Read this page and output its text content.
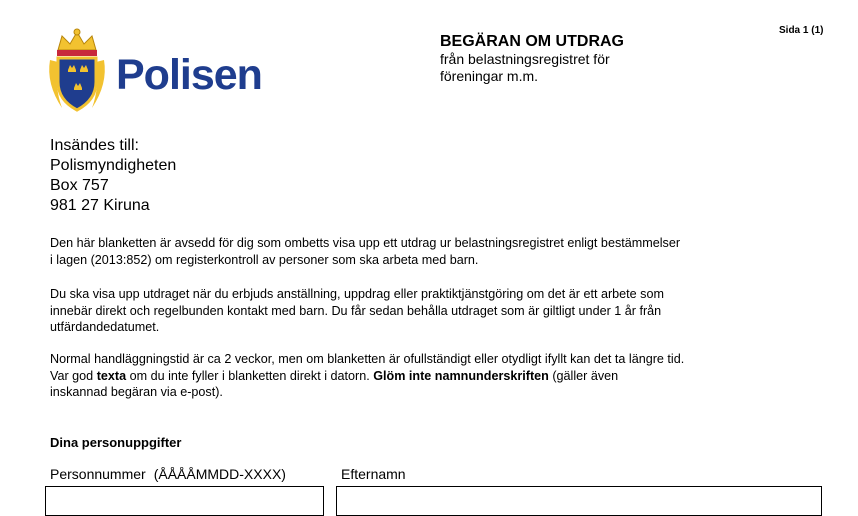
Polisen
BEGÄRAN OM UTDRAG
från belastningsregistret för
föreningar m.m.
Sida 1 (1)
Insändes till:
Polismyndigheten
Box 757
981 27 Kiruna
Den här blanketten är avsedd för dig som ombetts visa upp ett utdrag ur belastningsregistret enligt bestämmelser
i lagen (2013:852) om registerkontroll av personer som ska arbeta med barn.
Du ska visa upp utdraget när du erbjuds anställning, uppdrag eller praktiktjänstgöring om det är ett arbete som
innebär direkt och regelbunden kontakt med barn. Du får sedan behålla utdraget som är giltligt under 1 år från
utfärdandedatumet.
Normal handläggningstid är ca 2 veckor, men om blanketten är ofullständigt eller otydligt ifyllt kan det ta längre tid.
Var god texta om du inte fyller i blanketten direkt i datorn. Glöm inte namnunderskriften (gäller även
inskannad begäran via e-post).
Dina personuppgifter
Personnummer (ÅÅÅÅMMDD-XXXX)	Efternamn
